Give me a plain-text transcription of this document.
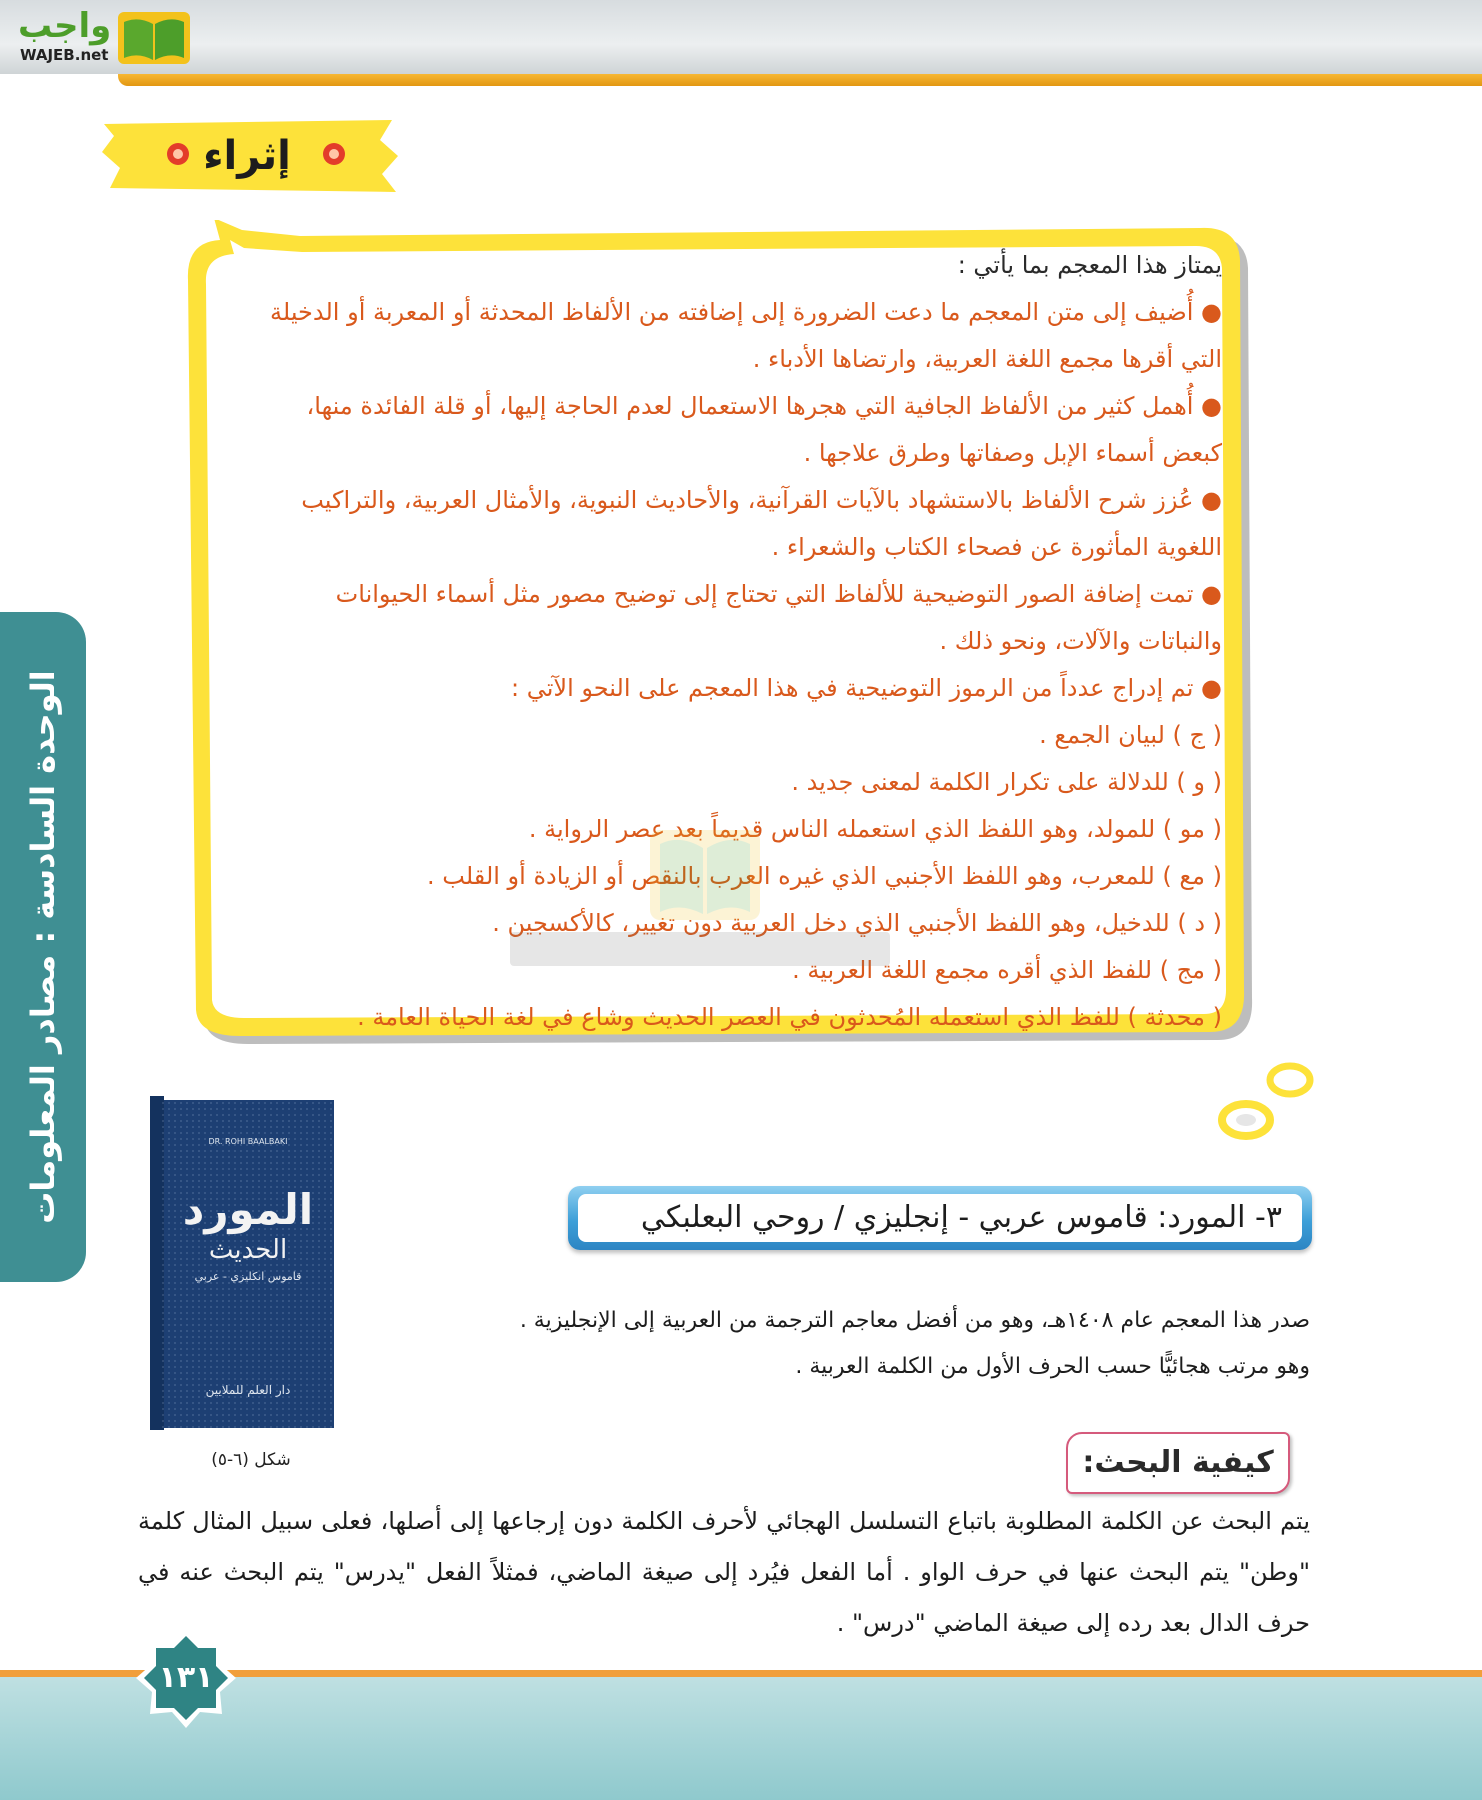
واجب
WAJEB.net
الوحدة السادسة : مصادر المعلومات
إثراء

يمتاز هذا المعجم بما يأتي :

● أُضيف إلى متن المعجم ما دعت الضرورة إلى إضافته من الألفاظ المحدثة أو المعربة أو الدخيلة

التي أقرها مجمع اللغة العربية، وارتضاها الأدباء .

● أُهمل كثير من الألفاظ الجافية التي هجرها الاستعمال لعدم الحاجة إليها، أو قلة الفائدة منها،

كبعض أسماء الإبل وصفاتها وطرق علاجها .

● عُزز شرح الألفاظ بالاستشهاد بالآيات القرآنية، والأحاديث النبوية، والأمثال العربية، والتراكيب

اللغوية المأثورة عن فصحاء الكتاب والشعراء .

● تمت إضافة الصور التوضيحية للألفاظ التي تحتاج إلى توضيح مصور مثل أسماء الحيوانات

والنباتات والآلات، ونحو ذلك .

● تم إدراج عدداً من الرموز التوضيحية في هذا المعجم على النحو الآتي :

( ج ) لبيان الجمع .

( و ) للدلالة على تكرار الكلمة لمعنى جديد .

( مو ) للمولد، وهو اللفظ الذي استعمله الناس قديماً بعد عصر الرواية .

( مع ) للمعرب، وهو اللفظ الأجنبي الذي غيره العرب بالنقص أو الزيادة أو القلب .

( د ) للدخيل، وهو اللفظ الأجنبي الذي دخل العربية دون تغيير، كالأكسجين .

( مج ) للفظ الذي أقره مجمع اللغة العربية .

( محدثة ) للفظ الذي استعمله المُحدثون في العصر الحديث وشاع في لغة الحياة العامة .

المورد
الحديث
قاموس انكليزي - عربي
DR. ROHI BAALBAKI
دار العلم للملايين
شكل (٦-٥)
٣- المورد: قاموس عربي - إنجليزي / روحي البعلبكي
صدر هذا المعجم عام ١٤٠٨هـ، وهو من أفضل معاجم الترجمة من العربية إلى الإنجليزية .
وهو مرتب هجائيًّا حسب الحرف الأول من الكلمة العربية .
كيفية البحث:

يتم البحث عن الكلمة المطلوبة باتباع التسلسل الهجائي لأحرف الكلمة دون إرجاعها إلى أصلها، فعلى سبيل المثال كلمة "وطن" يتم البحث عنها في حرف الواو . أما الفعل فيُرد إلى صيغة الماضي، فمثلاً الفعل "يدرس" يتم البحث عنه في حرف الدال بعد رده إلى صيغة الماضي "درس" .

١٣١
